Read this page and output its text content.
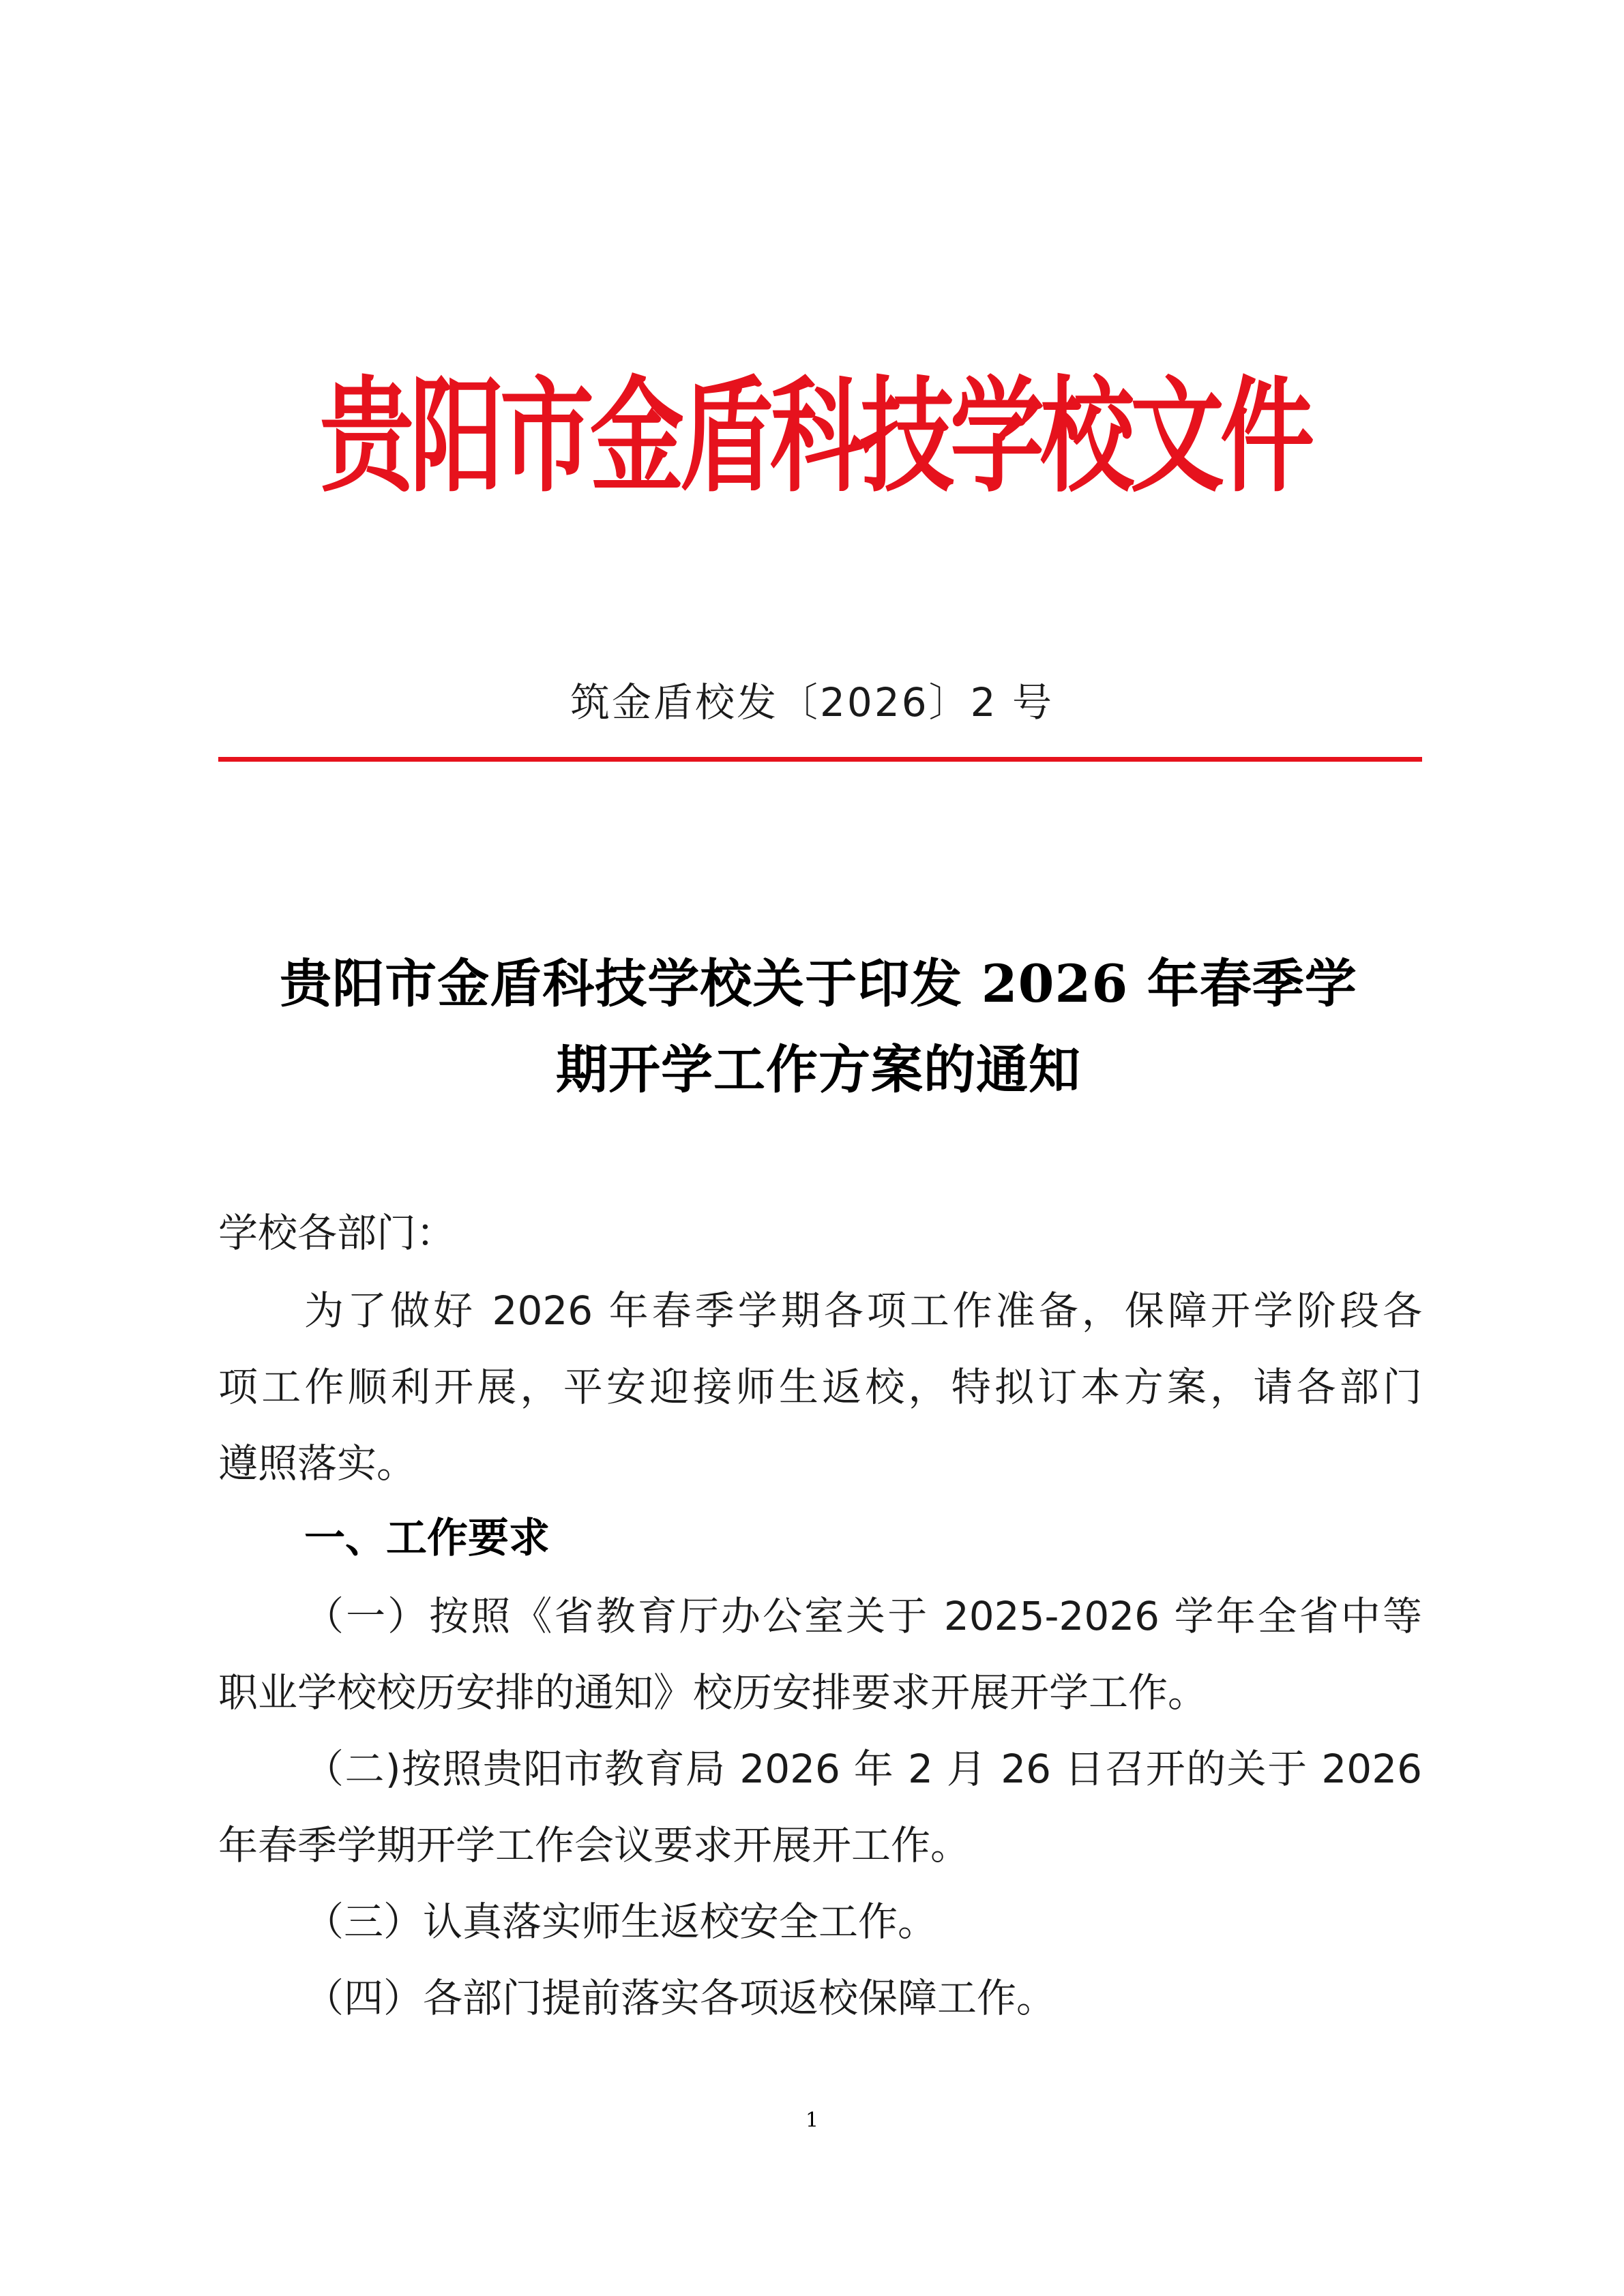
贵阳市金盾科技学校文件
筑金盾校发〔2026〕2 号
贵阳市金盾科技学校关于印发 2026 年春季学
期开学工作方案的通知
学校各部门：
为了做好 2026 年春季学期各项工作准备，保障开学阶段各
项工作顺利开展，平安迎接师生返校，特拟订本方案，请各部门
遵照落实。
一、工作要求
（一）按照《省教育厅办公室关于 2025-2026 学年全省中等
职业学校校历安排的通知》校历安排要求开展开学工作。
（二)按照贵阳市教育局 2026 年 2 月 26 日召开的关于 2026
年春季学期开学工作会议要求开展开工作。
（三）认真落实师生返校安全工作。
（四）各部门提前落实各项返校保障工作。
1
